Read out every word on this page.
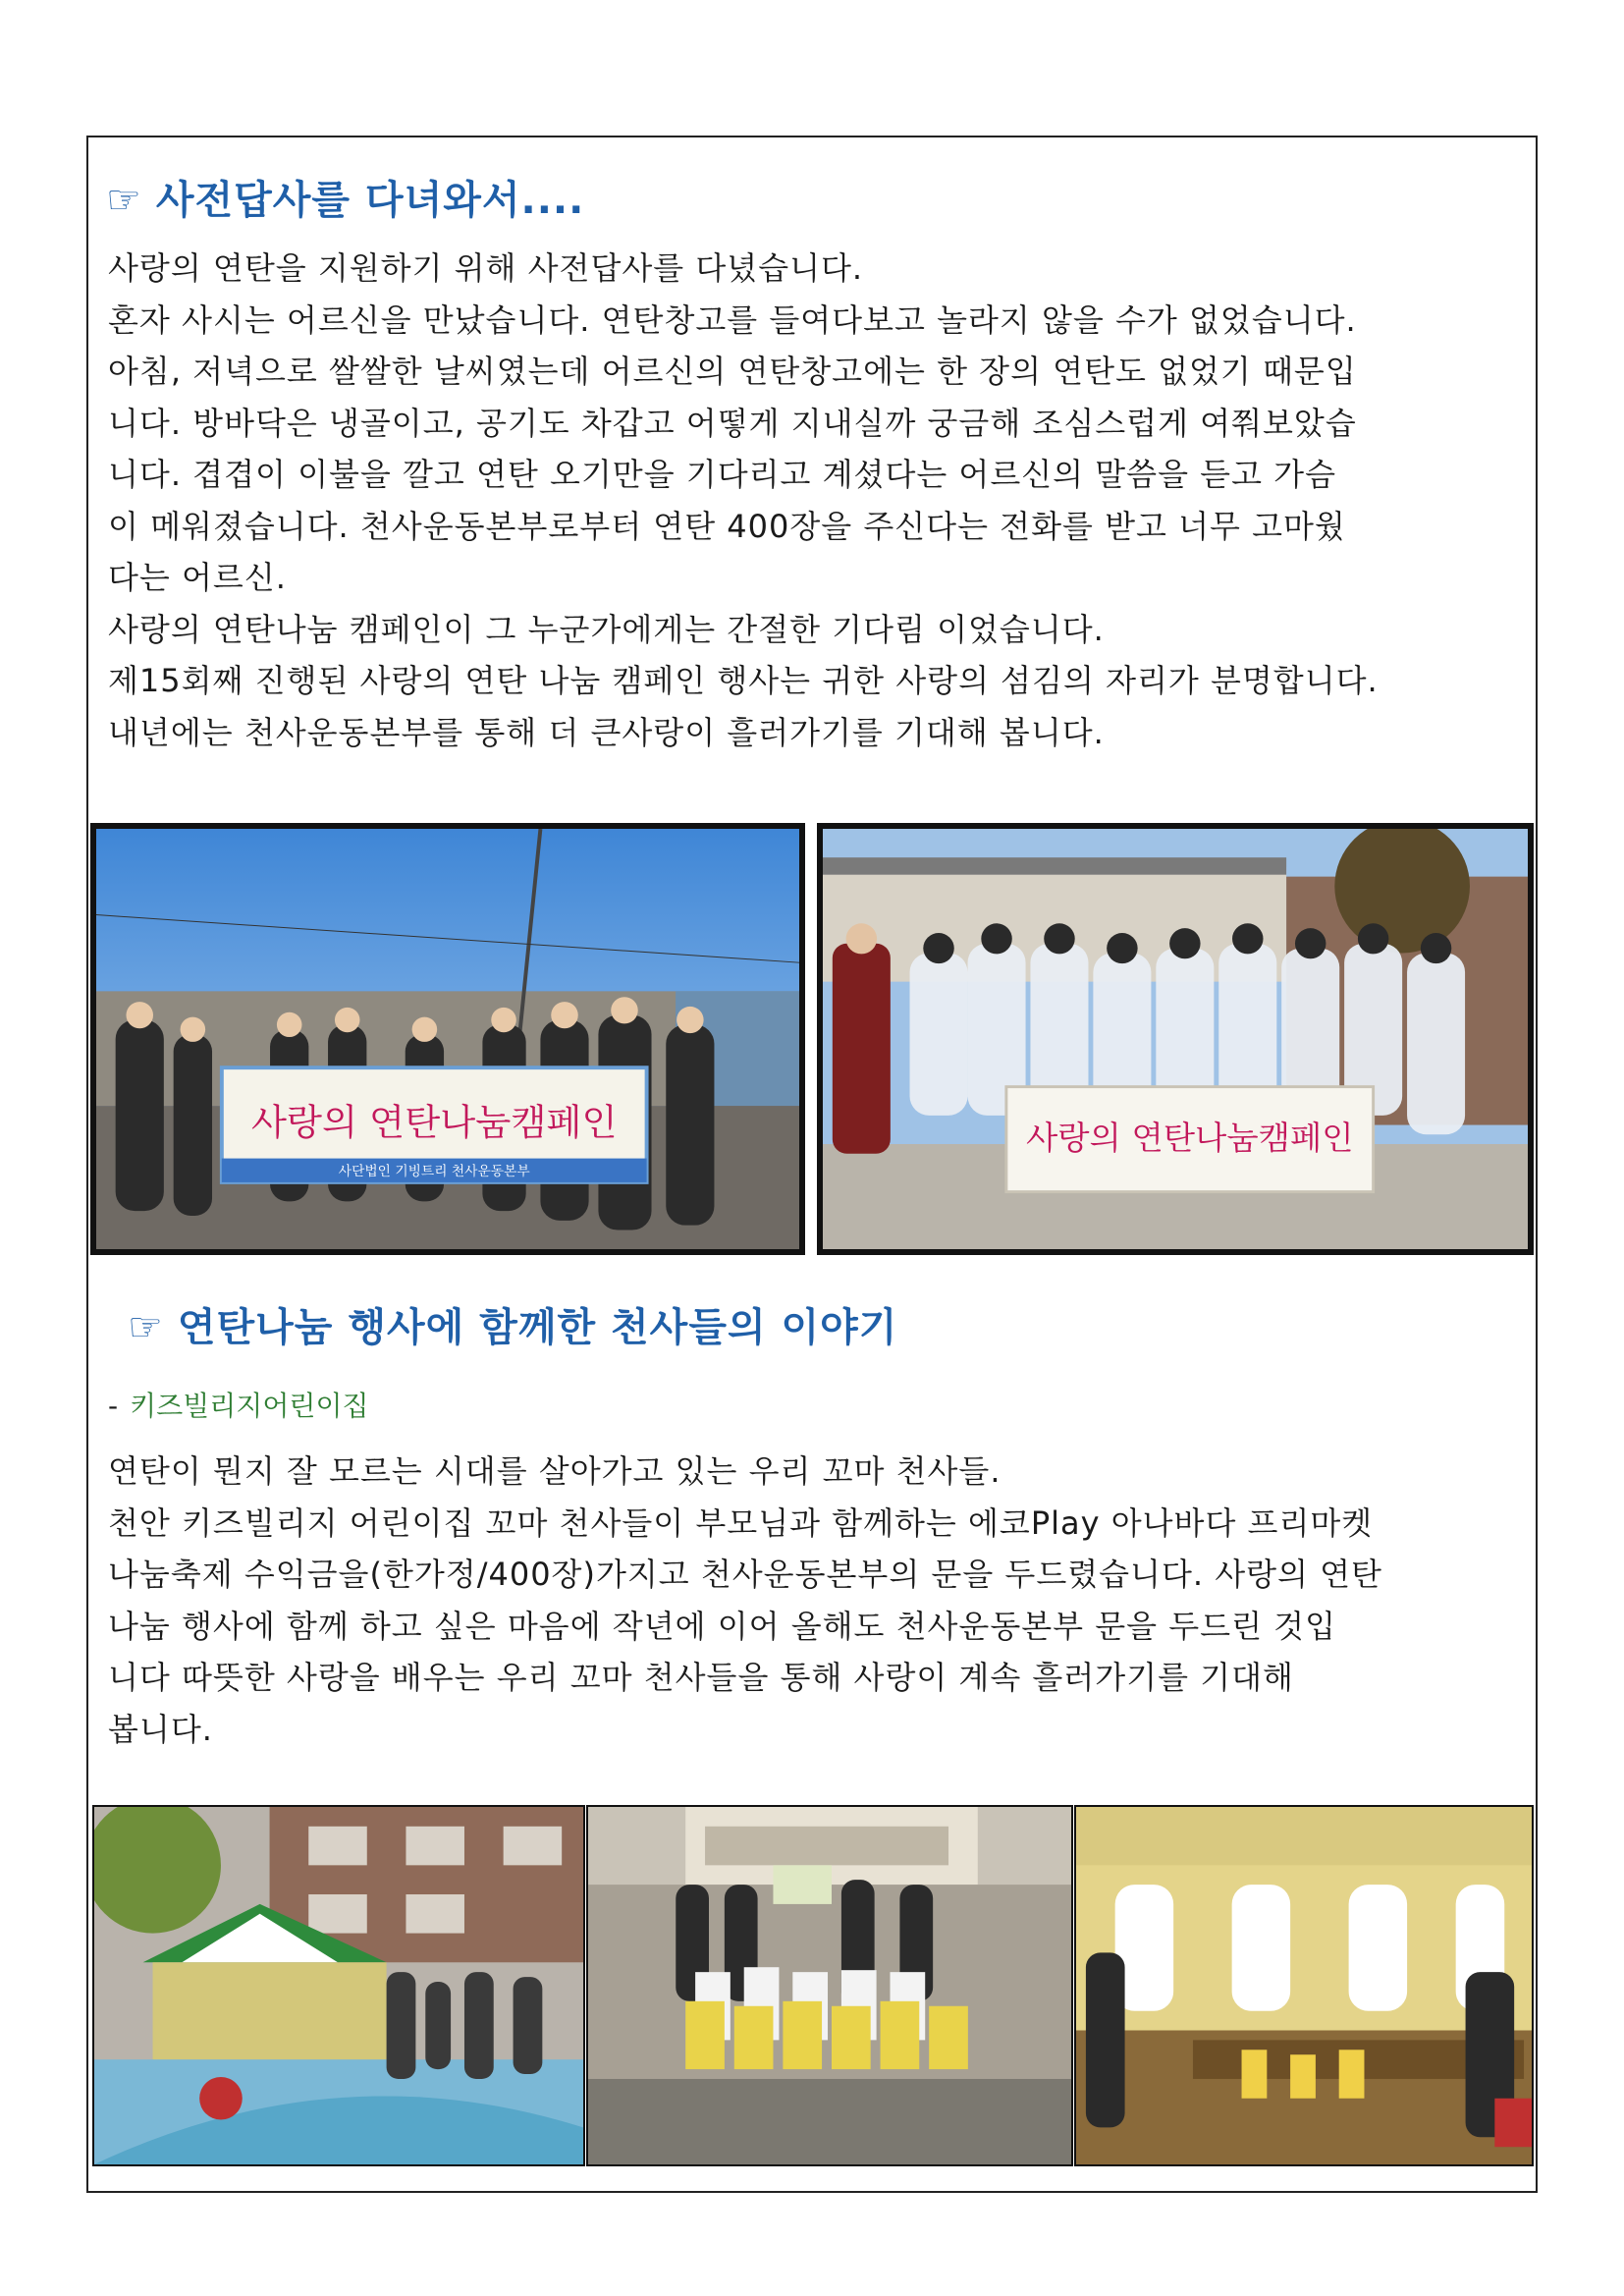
☞ 사전답사를 다녀와서....

사랑의 연탄을 지원하기 위해 사전답사를 다녔습니다.

혼자 사시는 어르신을 만났습니다. 연탄창고를 들여다보고 놀라지 않을 수가 없었습니다.

아침, 저녁으로 쌀쌀한 날씨였는데 어르신의 연탄창고에는 한 장의 연탄도 없었기 때문입

니다. 방바닥은 냉골이고, 공기도 차갑고 어떻게 지내실까 궁금해 조심스럽게 여쭤보았습

니다. 겹겹이 이불을 깔고 연탄 오기만을 기다리고 계셨다는 어르신의 말씀을 듣고 가슴

이 메워졌습니다. 천사운동본부로부터 연탄 400장을 주신다는 전화를 받고 너무 고마웠

다는 어르신.

사랑의 연탄나눔 캠페인이 그 누군가에게는 간절한 기다림 이었습니다.

제15회째 진행된 사랑의 연탄 나눔 캠페인 행사는 귀한 사랑의 섬김의 자리가 분명합니다.

내년에는 천사운동본부를 통해 더 큰사랑이 흘러가기를 기대해 봅니다.

사랑의 연탄나눔캠페인
사단법인 기빙트리 천사운동본부
사랑의 연탄나눔캠페인
☞ 연탄나눔 행사에 함께한 천사들의 이야기
- 키즈빌리지어린이집

연탄이 뭔지 잘 모르는 시대를 살아가고 있는 우리 꼬마 천사들.

천안 키즈빌리지 어린이집 꼬마 천사들이 부모님과 함께하는 에코Play 아나바다 프리마켓

나눔축제 수익금을(한가정/400장)가지고 천사운동본부의 문을 두드렸습니다. 사랑의 연탄

나눔 행사에 함께 하고 싶은 마음에 작년에 이어 올해도 천사운동본부 문을 두드린 것입

니다 따뜻한 사랑을 배우는 우리 꼬마 천사들을 통해 사랑이 계속 흘러가기를 기대해

봅니다.
